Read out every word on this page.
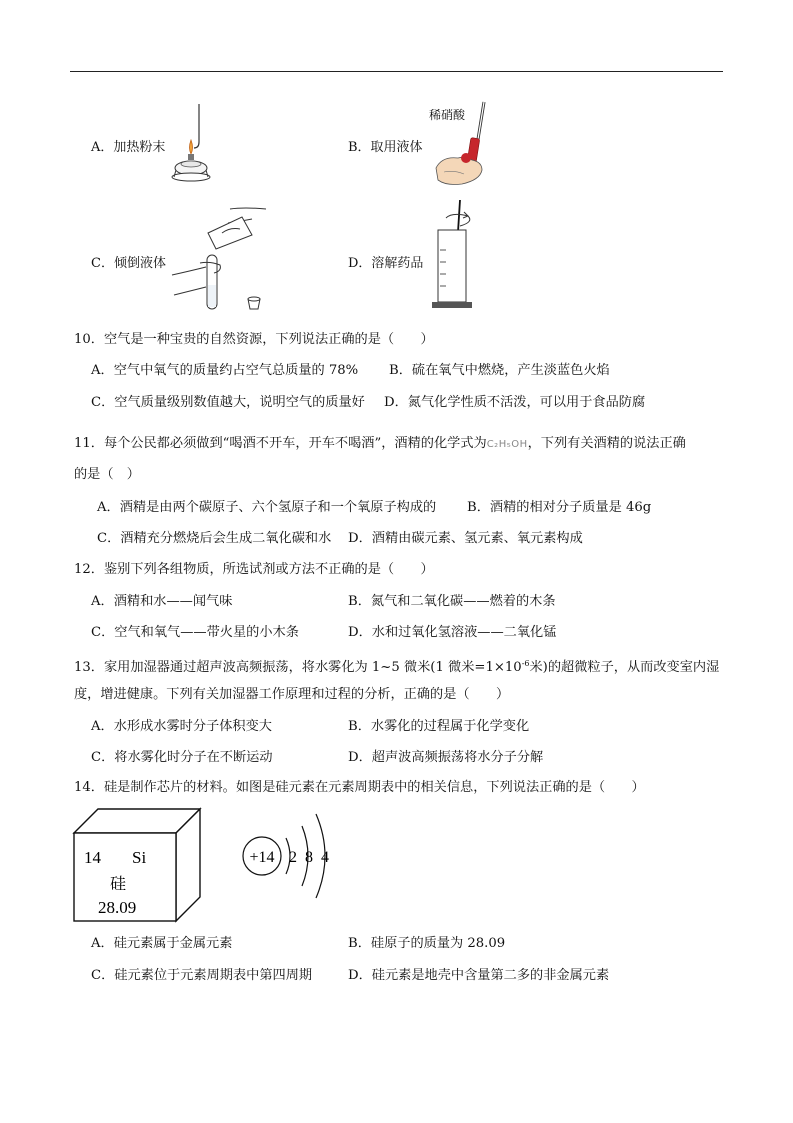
A．加热粉末	B．取用液体
稀硝酸
C．倾倒液体	D．溶解药品
10．空气是一种宝贵的自然资源，下列说法正确的是（　　）
A．空气中氧气的质量约占空气总质量的 78% B．硫在氧气中燃烧，产生淡蓝色火焰
C．空气质量级别数值越大，说明空气的质量好 D．氮气化学性质不活泼，可以用于食品防腐
11．每个公民都必须做到“喝酒不开车，开车不喝酒”，酒精的化学式为C₂H₅OH，下列有关酒精的说法正确
的是（　）
A．酒精是由两个碳原子、六个氢原子和一个氧原子构成的 B．酒精的相对分子质量是 46g
C．酒精充分燃烧后会生成二氧化碳和水 D．酒精由碳元素、氢元素、氧元素构成
12．鉴别下列各组物质，所选试剂或方法不正确的是（　　）
A．酒精和水——闻气味	B．氮气和二氧化碳——燃着的木条
C．空气和氧气——带火星的小木条	D．水和过氧化氢溶液——二氧化锰
13．家用加湿器通过超声波高频振荡，将水雾化为 1~5 微米(1 微米$=1\times 10^{-6}$米)的超微粒子，从而改变室内湿
度，增进健康。下列有关加湿器工作原理和过程的分析，正确的是（　　）
A．水形成水雾时分子体积变大	B．水雾化的过程属于化学变化
C．将水雾化时分子在不断运动	D．超声波高频振荡将水分子分解
14．硅是制作芯片的材料。如图是硅元素在元素周期表中的相关信息，下列说法正确的是（　　）
14 Si
硅
28.09
+14 2 8 4
A．硅元素属于金属元素	B．硅原子的质量为 28.09
C．硅元素位于元素周期表中第四周期	D．硅元素是地壳中含量第二多的非金属元素
